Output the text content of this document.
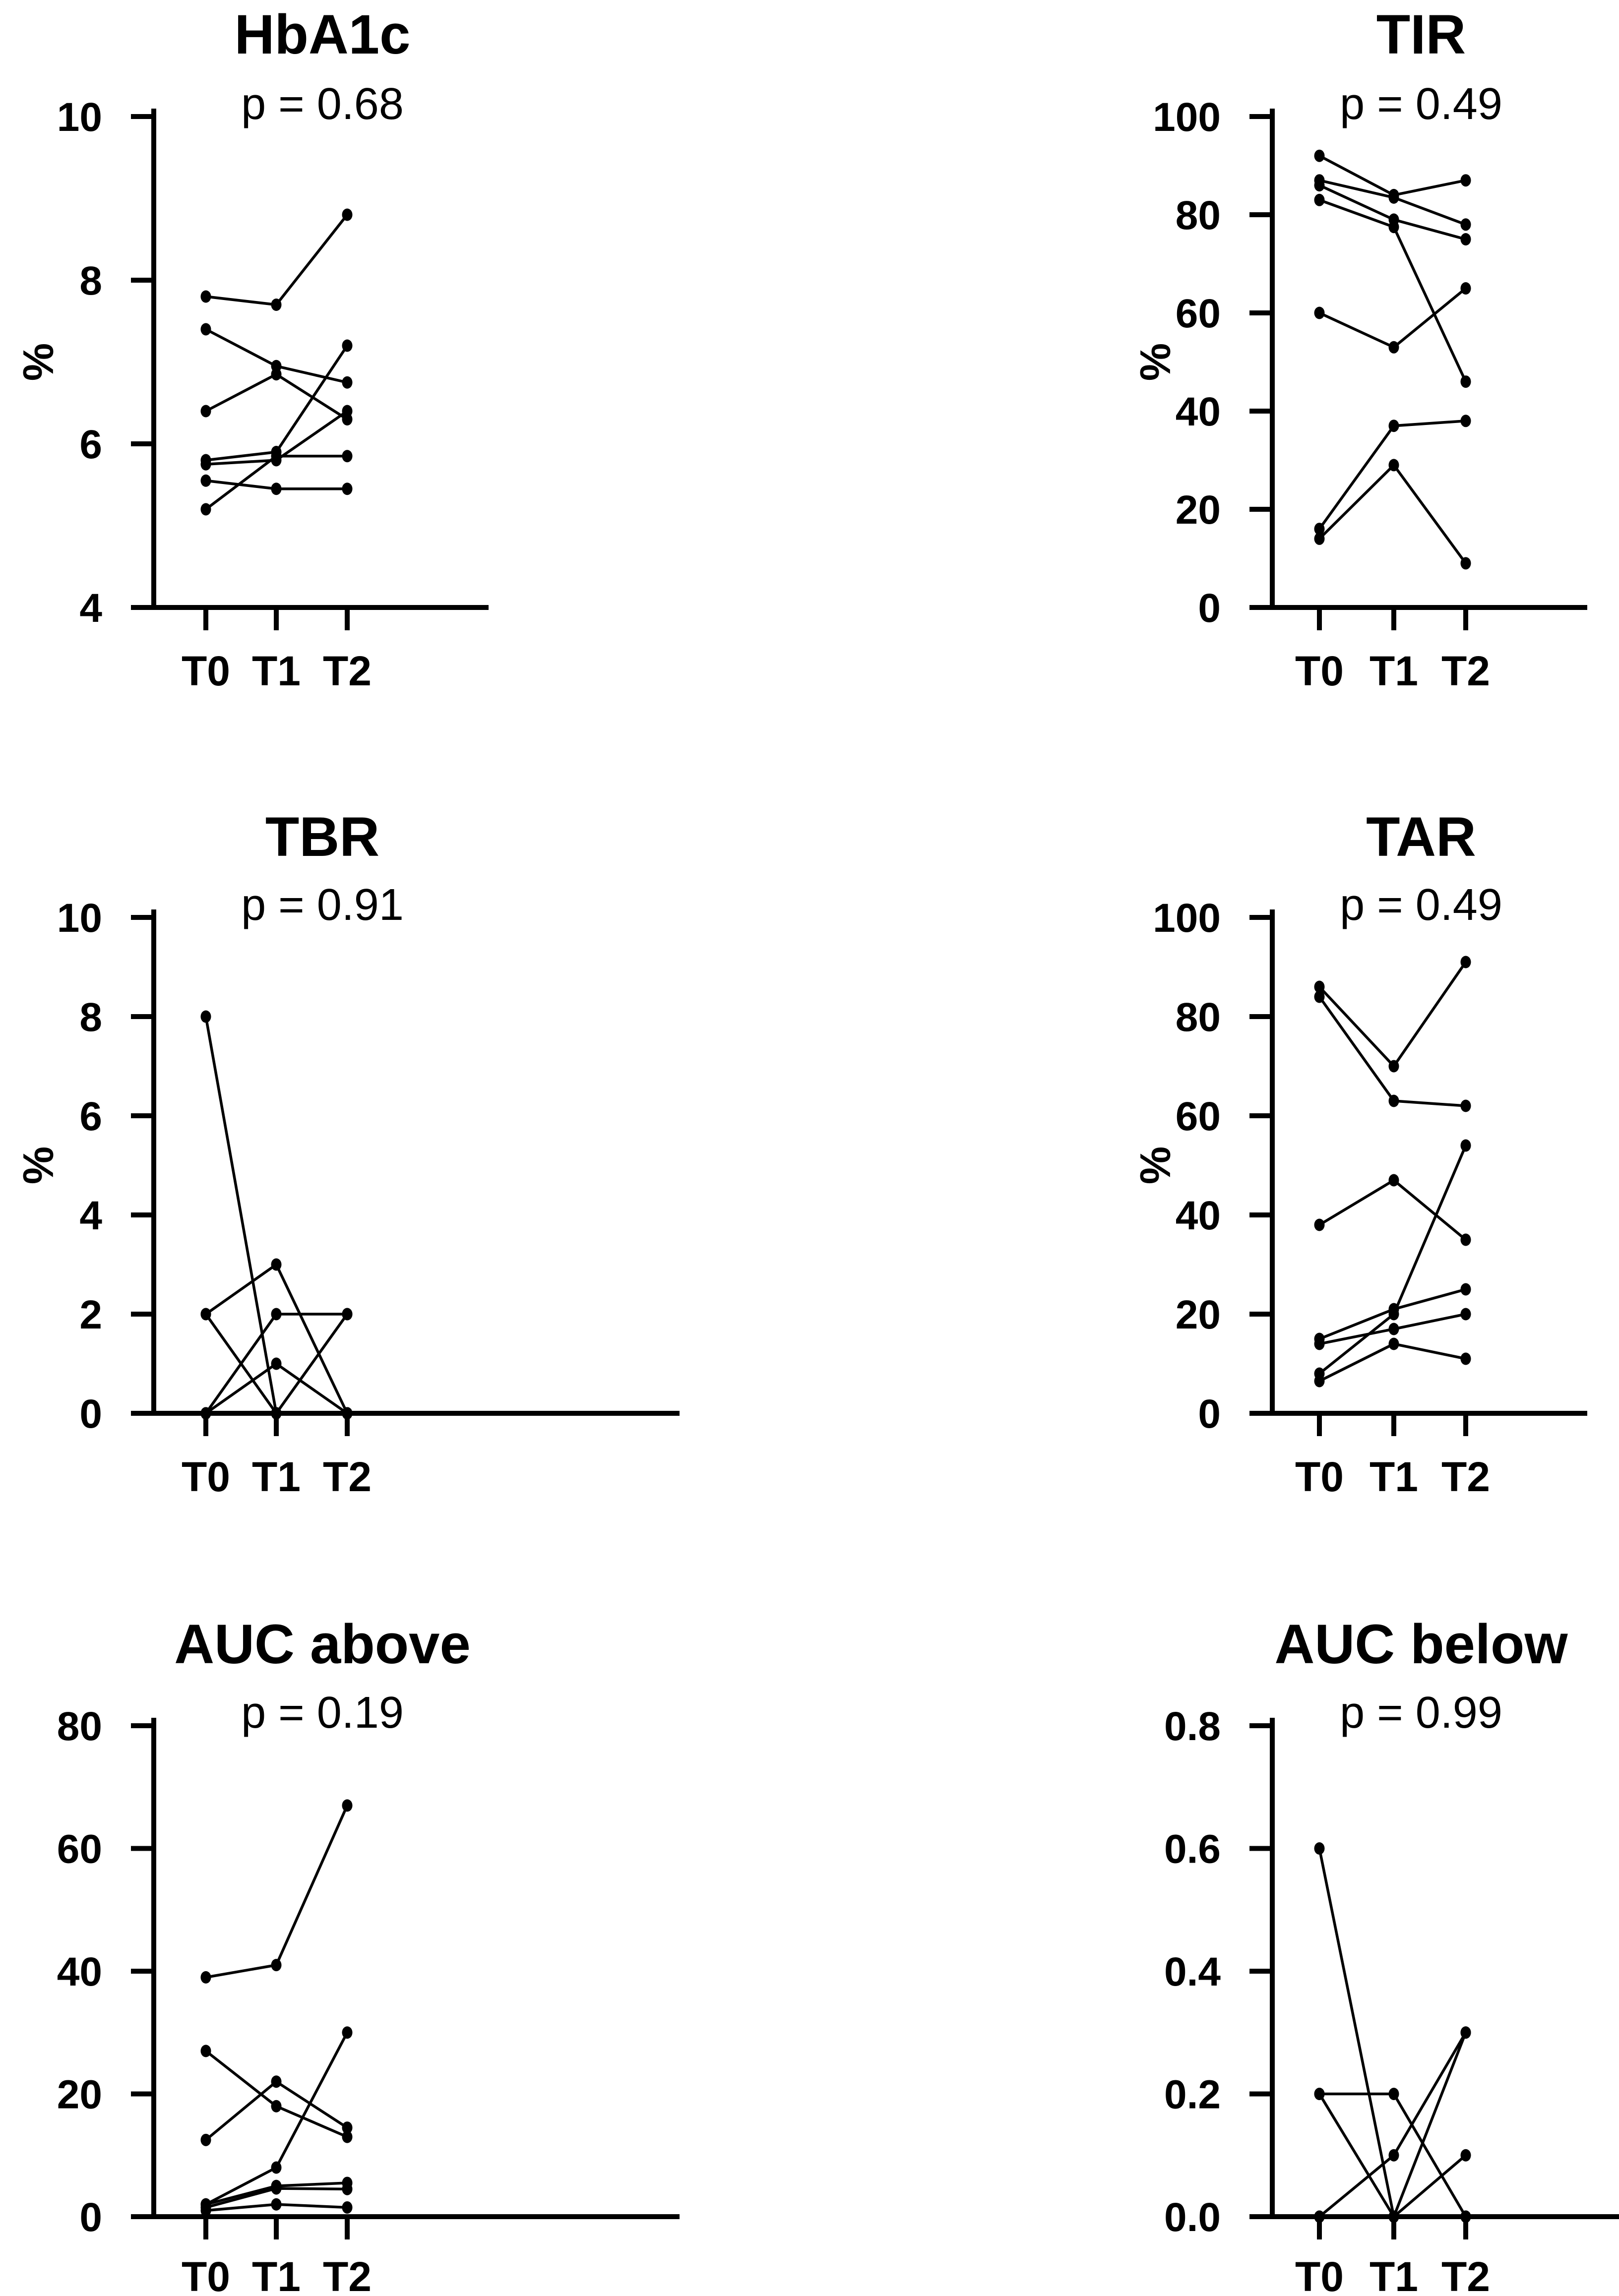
4
6
8
10
T0 T1 T2
0
20
40
60
80
100
T0 T1 T2
0
2
4
6
8
10
T0 T1 T2
0
20
40
60
80
100
T0 T1 T2
0
20
40
60
80
T0 T1 T2
0.0
0.2
0.4
0.6
0.8
T0 T1 T2
HbA1c
p = 0.68
%
TIR
p = 0.49
%
TBR
p = 0.91
%
TAR
p = 0.49
%
AUC above
p = 0.19
AUC below
p = 0.99
